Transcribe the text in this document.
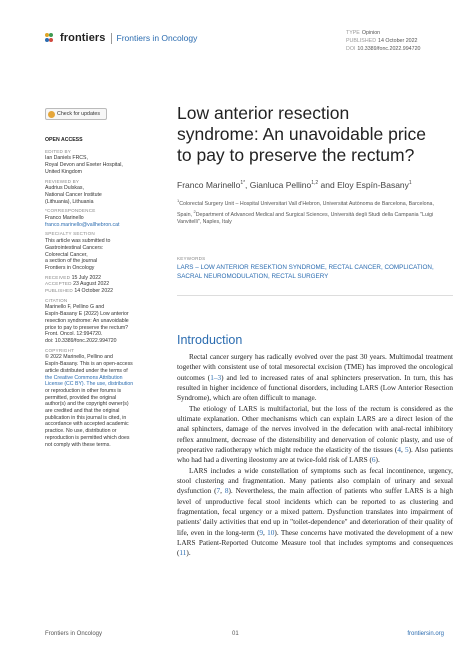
frontiers Frontiers in Oncology	TYPE Opinion
PUBLISHED 14 October 2022
DOI 10.3389/fonc.2022.994720
Check for updates

OPEN ACCESS

EDITED BY

Ian Daniels FRCS,

Royal Devon and Exeter Hospital,

United Kingdom

REVIEWED BY

Audrius Dulskas,

National Cancer Institute

(Lithuania), Lithuania

*CORRESPONDENCE

Franco Marinello

franco.marinello@vallhebron.cat

SPECIALTY SECTION

This article was submitted to

Gastrointestinal Cancers:

Colorectal Cancer,

a section of the journal

Frontiers in Oncology

RECEIVED 15 July 2022

ACCEPTED 23 August 2022

PUBLISHED 14 October 2022

CITATION

Marinello F, Pellino G and

Espín-Basany E (2022) Low anterior

resection syndrome: An unavoidable

price to pay to preserve the rectum?

Front. Oncol. 12:994720.

doi: 10.3389/fonc.2022.994720

COPYRIGHT

© 2022 Marinello, Pellino and

Espín-Basany. This is an open-access

article distributed under the terms of

the Creative Commons Attribution

License (CC BY). The use, distribution

or reproduction in other forums is

permitted, provided the original

author(s) and the copyright owner(s)

are credited and that the original

publication in this journal is cited, in

accordance with accepted academic

practice. No use, distribution or

reproduction is permitted which does

not comply with these terms.

Low anterior resection
syndrome: An unavoidable price
to pay to preserve the rectum?
Franco Marinello$^{1*}$, Gianluca Pellino$^{1,2}$ and Eloy Espín-Basany$^1$
$^1$Colorectal Surgery Unit – Hospital Universitari Vall d'Hebron, Universitat Autònoma de Barcelona, Barcelona, Spain, $^2$Department of Advanced Medical and Surgical Sciences, Università degli Studi della Campania "Luigi Vanvitelli", Naples, Italy
KEYWORDS
LARS – LOW ANTERIOR RESEKTION SYNDROME, RECTAL CANCER, COMPLICATION, SACRAL NEUROMODULATION, RECTAL SURGERY
Introduction

Rectal cancer surgery has radically evolved over the past 30 years. Multimodal treatment together with consistent use of total mesorectal excision (TME) has improved the oncological outcomes (1–3) and led to increased rates of anal sphincters preservation. In turn, this has resulted in higher incidence of functional disorders, including LARS (Low Anterior Resection Syndrome), which are often difficult to manage.

The etiology of LARS is multifactorial, but the loss of the rectum is considered as the ultimate explanation. Other mechanisms which can explain LARS are a direct lesion of the anal sphincters, damage of the nerves involved in the defecation with anal-rectal inhibitory reflex annulment, decrease of the distensibility and denervation of colonic plasty, and use of preoperative radiotherapy which might reduce the elasticity of the tissues (4, 5). Also patients who had had a diverting ileostomy are at twice-fold risk of LARS (6).

LARS includes a wide constellation of symptoms such as fecal incontinence, urgency, stool clustering and fragmentation. Many patients also complain of urinary and sexual dysfunction (7, 8). Nevertheless, the main affection of patients who suffer LARS is a high level of unproductive fecal stool incidents which can be reported to as clustering and fragmentation, fecal urgency or a mixed pattern. Dysfunction translates into impairment of patients' daily activities that end up in "toilet-dependence" and deterioration of their quality of life, even in the long-term (9, 10). These concerns have motivated the development of a new LARS Patient-Reported Outcome Measure tool that includes symptoms and consequences (11).

Frontiers in Oncology	01	frontiersin.org
